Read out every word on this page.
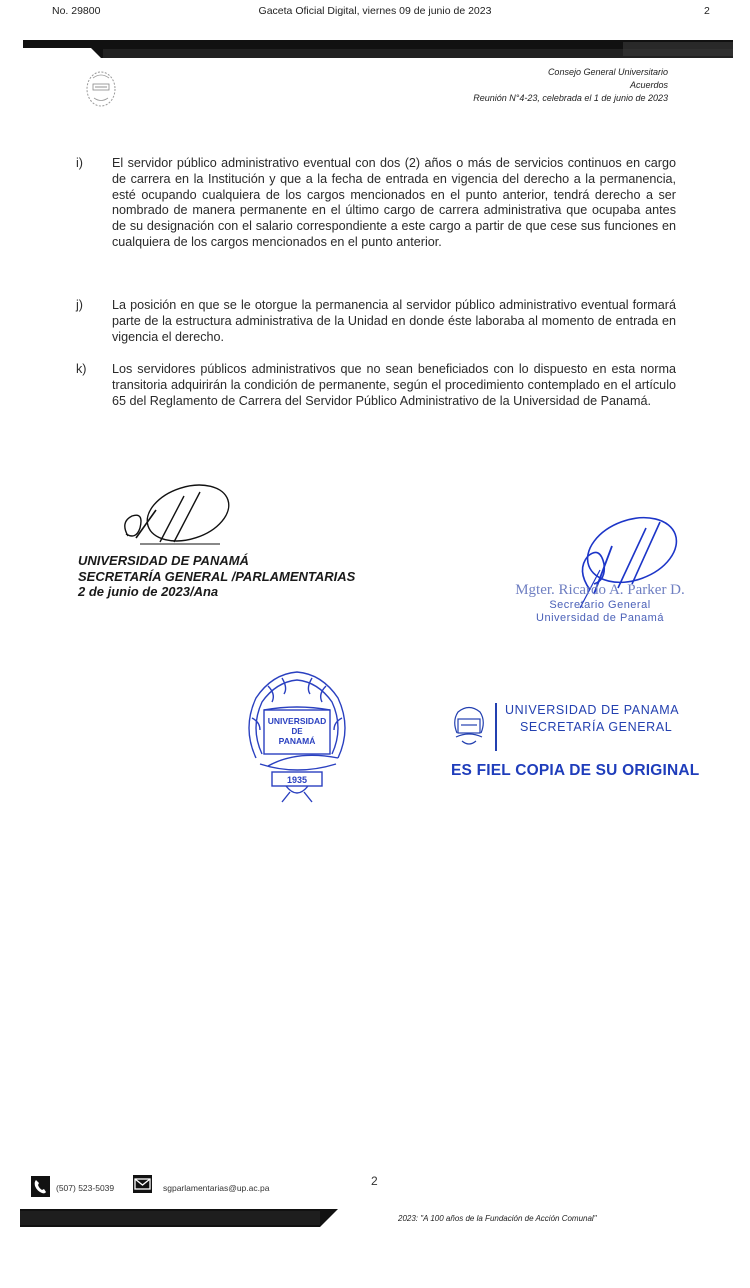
No. 29800	Gaceta Oficial Digital, viernes 09 de junio de 2023	2
Consejo General Universitario
Acuerdos
Reunión N°4-23, celebrada el 1 de junio de 2023
i) El servidor público administrativo eventual con dos (2) años o más de servicios continuos en cargo de carrera en la Institución y que a la fecha de entrada en vigencia del derecho a la permanencia, esté ocupando cualquiera de los cargos mencionados en el punto anterior, tendrá derecho a ser nombrado de manera permanente en el último cargo de carrera administrativa que ocupaba antes de su designación con el salario correspondiente a este cargo a partir de que cese sus funciones en cualquiera de los cargos mencionados en el punto anterior.
j) La posición en que se le otorgue la permanencia al servidor público administrativo eventual formará parte de la estructura administrativa de la Unidad en donde éste laboraba al momento de entrada en vigencia el derecho.
k) Los servidores públicos administrativos que no sean beneficiados con lo dispuesto en esta norma transitoria adquirirán la condición de permanente, según el procedimiento contemplado en el artículo 65 del Reglamento de Carrera del Servidor Público Administrativo de la Universidad de Panamá.
UNIVERSIDAD DE PANAMÁ
SECRETARÍA GENERAL /PARLAMENTARIAS
2 de junio de 2023/Ana	Mgter. Ricardo A. Parker D.
Secretario General
Universidad de Panamá
UNIVERSIDAD
DE
PANAMÁ
1935
UNIVERSIDAD DE PANAMA
SECRETARÍA GENERAL
ES FIEL COPIA DE SU ORIGINAL
(507) 523-5039	sgparlamentarias@up.ac.pa	2
2023: "A 100 años de la Fundación de Acción Comunal"
